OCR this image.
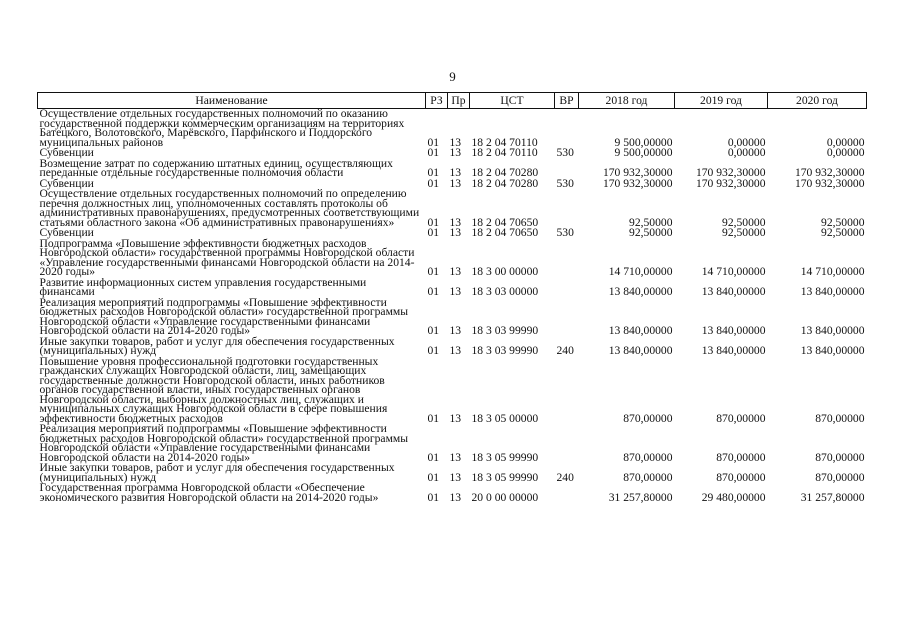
9
Наименование	РЗ	Пр	ЦСТ	ВР	2018 год	2019 год	2020 год
Осуществление отдельных государственных полномочий по оказанию государственной поддержки коммерческим организациям на территориях Батецкого, Волотовского, Марёвского, Парфинского и Поддорского муниципальных районов	01	13	18 2 04 70110		9 500,00000	0,00000	0,00000
Субвенции	01	13	18 2 04 70110	530	9 500,00000	0,00000	0,00000
Возмещение затрат по содержанию штатных единиц, осуществляющих переданные отдельные государственные полномочия области	01	13	18 2 04 70280		170 932,30000	170 932,30000	170 932,30000
Субвенции	01	13	18 2 04 70280	530	170 932,30000	170 932,30000	170 932,30000
Осуществление отдельных государственных полномочий по определению перечня должностных лиц, уполномоченных составлять протоколы об административных правонарушениях, предусмотренных соответствующими статьями областного закона «Об административных правонарушениях»	01	13	18 2 04 70650		92,50000	92,50000	92,50000
Субвенции	01	13	18 2 04 70650	530	92,50000	92,50000	92,50000
Подпрограмма «Повышение эффективности бюджетных расходов Новгородской области» государственной программы Новгородской области «Управление государственными финансами Новгородской области на 2014-2020 годы»	01	13	18 3 00 00000		14 710,00000	14 710,00000	14 710,00000
Развитие информационных систем управления государственными финансами	01	13	18 3 03 00000		13 840,00000	13 840,00000	13 840,00000
Реализация мероприятий подпрограммы «Повышение эффективности бюджетных расходов Новгородской области» государственной программы Новгородской области «Управление государственными финансами Новгородской области на 2014-2020 годы»	01	13	18 3 03 99990		13 840,00000	13 840,00000	13 840,00000
Иные закупки товаров, работ и услуг для обеспечения государственных (муниципальных) нужд	01	13	18 3 03 99990	240	13 840,00000	13 840,00000	13 840,00000
Повышение уровня профессиональной подготовки государственных гражданских служащих Новгородской области, лиц, замещающих государственные должности Новгородской области, иных работников органов государственной власти, иных государственных органов Новгородской области, выборных должностных лиц, служащих и муниципальных служащих Новгородской области в сфере повышения эффективности бюджетных расходов	01	13	18 3 05 00000		870,00000	870,00000	870,00000
Реализация мероприятий подпрограммы «Повышение эффективности бюджетных расходов Новгородской области» государственной программы Новгородской области «Управление государственными финансами Новгородской области на 2014-2020 годы»	01	13	18 3 05 99990		870,00000	870,00000	870,00000
Иные закупки товаров, работ и услуг для обеспечения государственных (муниципальных) нужд	01	13	18 3 05 99990	240	870,00000	870,00000	870,00000
Государственная программа Новгородской области «Обеспечение экономического развития Новгородской области на 2014-2020 годы»	01	13	20 0 00 00000		31 257,80000	29 480,00000	31 257,80000
